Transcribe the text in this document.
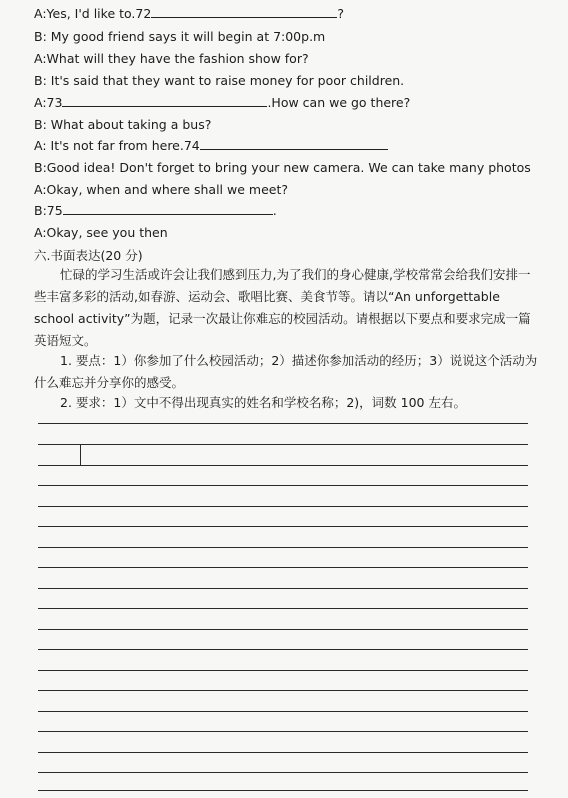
A:Yes, I'd like to.72	?
B: My good friend says it will begin at 7:00p.m
A:What will they have the fashion show for?
B: It's said that they want to raise money for poor children.
A:73	.How can we go there?
B: What about taking a bus?
A: It's not far from here.74
B:Good idea! Don't forget to bring your new camera. We can take many photos
A:Okay, when and where shall we meet?
B:75	.
A:Okay, see you then
六.书面表达(20 分)
忙碌的学习生活或许会让我们感到压力,为了我们的身心健康,学校常常会给我们安排一些丰富多彩的活动,如春游、运动会、歌唱比赛、美食节等。请以“An unforgettable school activity”为题，记录一次最让你难忘的校园活动。请根据以下要点和要求完成一篇英语短文。
1. 要点：1）你参加了什么校园活动；2）描述你参加活动的经历；3）说说这个活动为什么难忘并分享你的感受。
2. 要求：1）文中不得出现真实的姓名和学校名称；2)，词数 100 左右。
